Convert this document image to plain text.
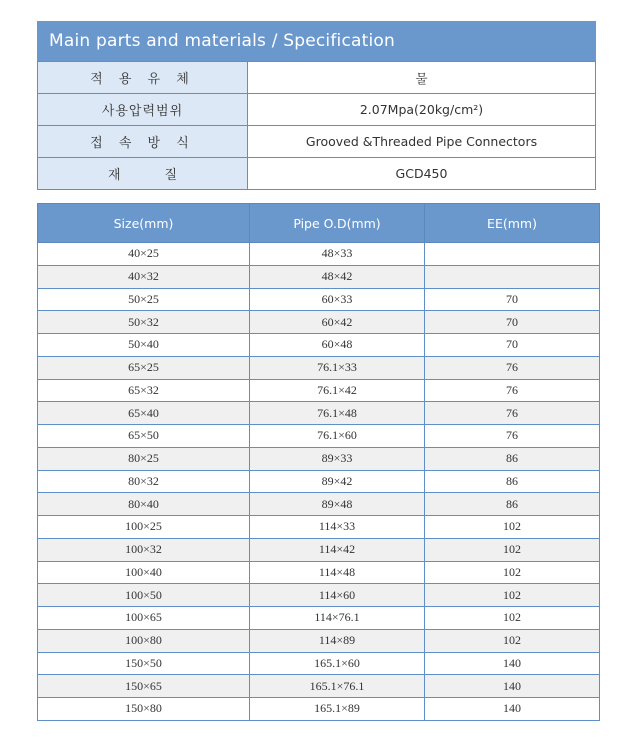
Main parts and materials / Specification
적 용 유 체	물
사용압력범위	2.07Mpa(20kg/cm²)
접 속 방 식	Grooved &Threaded Pipe Connectors
재질	GCD450
Size(mm)	Pipe O.D(mm)	EE(mm)
40×25	48×33	
40×32	48×42	
50×25	60×33	70
50×32	60×42	70
50×40	60×48	70
65×25	76.1×33	76
65×32	76.1×42	76
65×40	76.1×48	76
65×50	76.1×60	76
80×25	89×33	86
80×32	89×42	86
80×40	89×48	86
100×25	114×33	102
100×32	114×42	102
100×40	114×48	102
100×50	114×60	102
100×65	114×76.1	102
100×80	114×89	102
150×50	165.1×60	140
150×65	165.1×76.1	140
150×80	165.1×89	140
